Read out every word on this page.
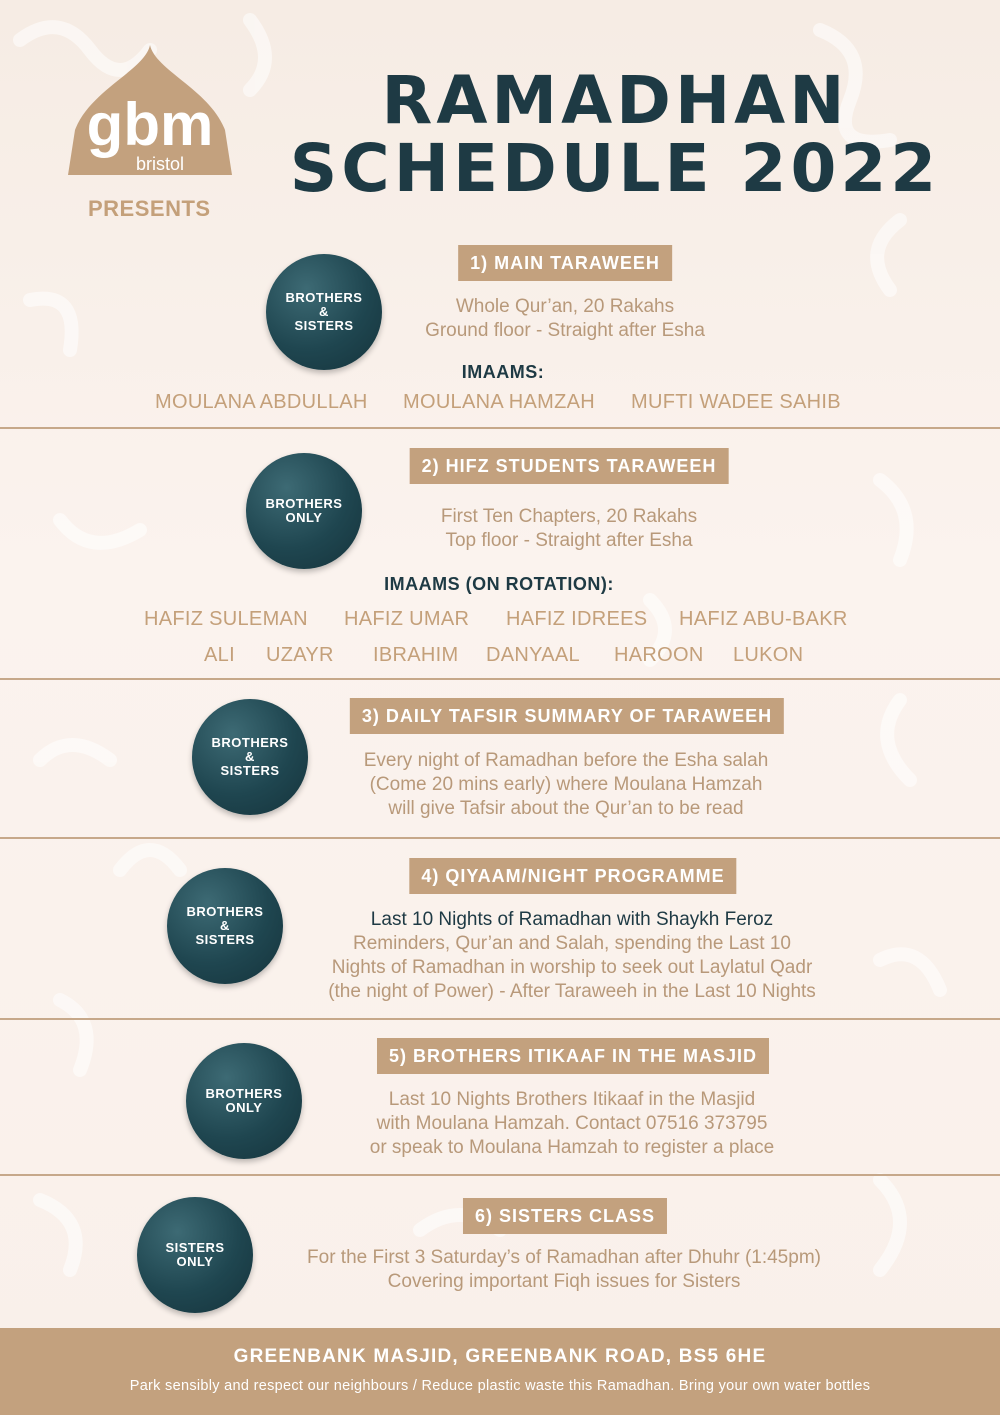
gbm
bristol
PRESENTS
RAMADHAN
SCHEDULE 2022
1) MAIN TARAWEEH
BROTHERS
&
SISTERS
Whole Qur’an, 20 Rakahs
Ground floor - Straight after Esha
IMAAMS:
MOULANA ABDULLAH MOULANA HAMZAH MUFTI WADEE SAHIB
2) HIFZ STUDENTS TARAWEEH
BROTHERS
ONLY	First Ten Chapters, 20 Rakahs
Top floor - Straight after Esha
IMAAMS (ON ROTATION):
HAFIZ SULEMAN HAFIZ UMAR HAFIZ IDREES HAFIZ ABU-BAKR
ALI UZAYR IBRAHIM DANYAAL HAROON LUKON
3) DAILY TAFSIR SUMMARY OF TARAWEEH
BROTHERS
&
SISTERS	Every night of Ramadhan before the Esha salah
(Come 20 mins early) where Moulana Hamzah
will give Tafsir about the Qur’an to be read
4) QIYAAM/NIGHT PROGRAMME
BROTHERS
&
SISTERS
Last 10 Nights of Ramadhan with Shaykh Feroz
Reminders, Qur’an and Salah, spending the Last 10
Nights of Ramadhan in worship to seek out Laylatul Qadr
(the night of Power) - After Taraweeh in the Last 10 Nights
5) BROTHERS ITIKAAF IN THE MASJID
BROTHERS
ONLY	Last 10 Nights Brothers Itikaaf in the Masjid
with Moulana Hamzah. Contact 07516 373795
or speak to Moulana Hamzah to register a place
6) SISTERS CLASS
SISTERS
ONLY	For the First 3 Saturday’s of Ramadhan after Dhuhr (1:45pm)
Covering important Fiqh issues for Sisters
GREENBANK MASJID, GREENBANK ROAD, BS5 6HE
Park sensibly and respect our neighbours / Reduce plastic waste this Ramadhan. Bring your own water bottles
